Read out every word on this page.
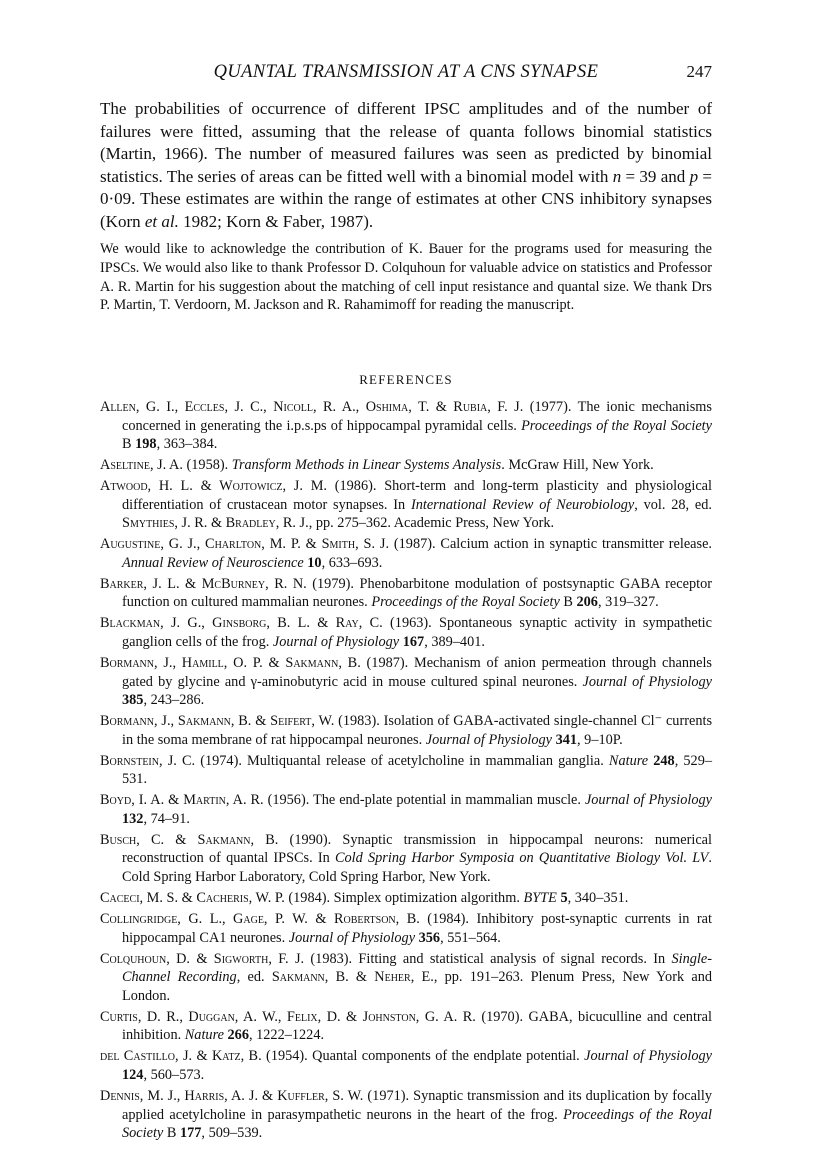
QUANTAL TRANSMISSION AT A CNS SYNAPSE	247

The probabilities of occurrence of different IPSC amplitudes and of the number of failures were fitted, assuming that the release of quanta follows binomial statistics (Martin, 1966). The number of measured failures was seen as predicted by binomial statistics. The series of areas can be fitted well with a binomial model with n = 39 and p = 0·09. These estimates are within the range of estimates at other CNS inhibitory synapses (Korn et al. 1982; Korn & Faber, 1987).

We would like to acknowledge the contribution of K. Bauer for the programs used for measuring the IPSCs. We would also like to thank Professor D. Colquhoun for valuable advice on statistics and Professor A. R. Martin for his suggestion about the matching of cell input resistance and quantal size. We thank Drs P. Martin, T. Verdoorn, M. Jackson and R. Rahamimoff for reading the manuscript.

REFERENCES

Allen, G. I., Eccles, J. C., Nicoll, R. A., Oshima, T. & Rubia, F. J. (1977). The ionic mechanisms concerned in generating the i.p.s.ps of hippocampal pyramidal cells. Proceedings of the Royal Society B 198, 363–384.

Aseltine, J. A. (1958). Transform Methods in Linear Systems Analysis. McGraw Hill, New York.

Atwood, H. L. & Wojtowicz, J. M. (1986). Short-term and long-term plasticity and physiological differentiation of crustacean motor synapses. In International Review of Neurobiology, vol. 28, ed. Smythies, J. R. & Bradley, R. J., pp. 275–362. Academic Press, New York.

Augustine, G. J., Charlton, M. P. & Smith, S. J. (1987). Calcium action in synaptic transmitter release. Annual Review of Neuroscience 10, 633–693.

Barker, J. L. & McBurney, R. N. (1979). Phenobarbitone modulation of postsynaptic GABA receptor function on cultured mammalian neurones. Proceedings of the Royal Society B 206, 319–327.

Blackman, J. G., Ginsborg, B. L. & Ray, C. (1963). Spontaneous synaptic activity in sympathetic ganglion cells of the frog. Journal of Physiology 167, 389–401.

Bormann, J., Hamill, O. P. & Sakmann, B. (1987). Mechanism of anion permeation through channels gated by glycine and γ-aminobutyric acid in mouse cultured spinal neurones. Journal of Physiology 385, 243–286.

Bormann, J., Sakmann, B. & Seifert, W. (1983). Isolation of GABA-activated single-channel Cl⁻ currents in the soma membrane of rat hippocampal neurones. Journal of Physiology 341, 9–10P.

Bornstein, J. C. (1974). Multiquantal release of acetylcholine in mammalian ganglia. Nature 248, 529–531.

Boyd, I. A. & Martin, A. R. (1956). The end-plate potential in mammalian muscle. Journal of Physiology 132, 74–91.

Busch, C. & Sakmann, B. (1990). Synaptic transmission in hippocampal neurons: numerical reconstruction of quantal IPSCs. In Cold Spring Harbor Symposia on Quantitative Biology Vol. LV. Cold Spring Harbor Laboratory, Cold Spring Harbor, New York.

Caceci, M. S. & Cacheris, W. P. (1984). Simplex optimization algorithm. BYTE 5, 340–351.

Collingridge, G. L., Gage, P. W. & Robertson, B. (1984). Inhibitory post-synaptic currents in rat hippocampal CA1 neurones. Journal of Physiology 356, 551–564.

Colquhoun, D. & Sigworth, F. J. (1983). Fitting and statistical analysis of signal records. In Single-Channel Recording, ed. Sakmann, B. & Neher, E., pp. 191–263. Plenum Press, New York and London.

Curtis, D. R., Duggan, A. W., Felix, D. & Johnston, G. A. R. (1970). GABA, bicuculline and central inhibition. Nature 266, 1222–1224.

del Castillo, J. & Katz, B. (1954). Quantal components of the endplate potential. Journal of Physiology 124, 560–573.

Dennis, M. J., Harris, A. J. & Kuffler, S. W. (1971). Synaptic transmission and its duplication by focally applied acetylcholine in parasympathetic neurons in the heart of the frog. Proceedings of the Royal Society B 177, 509–539.
